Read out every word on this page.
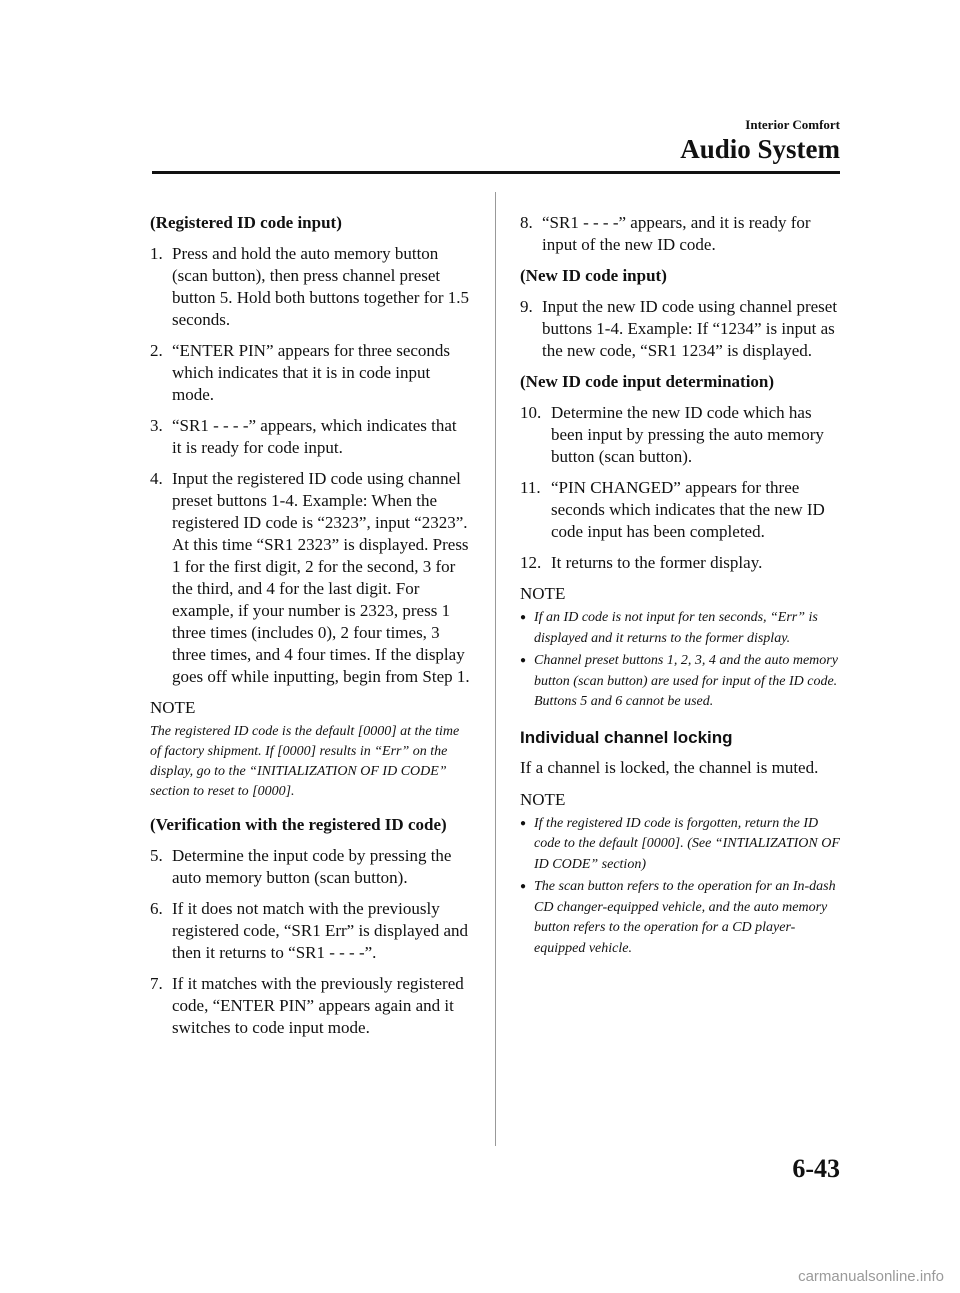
Interior Comfort
Audio System
(Registered ID code input)
1. Press and hold the auto memory button (scan button), then press channel preset button 5. Hold both buttons together for 1.5 seconds.
2. “ENTER PIN” appears for three seconds which indicates that it is in code input mode.
3. “SR1 - - - -” appears, which indicates that it is ready for code input.
4. Input the registered ID code using channel preset buttons 1-4. Example: When the registered ID code is “2323”, input “2323”. At this time “SR1 2323” is displayed. Press 1 for the first digit, 2 for the second, 3 for the third, and 4 for the last digit. For example, if your number is 2323, press 1 three times (includes 0), 2 four times, 3 three times, and 4 four times. If the display goes off while inputting, begin from Step 1.
NOTE
The registered ID code is the default [0000] at the time of factory shipment. If [0000] results in “Err” on the display, go to the “INITIALIZATION OF ID CODE” section to reset to [0000].
(Verification with the registered ID code)
5. Determine the input code by pressing the auto memory button (scan button).
6. If it does not match with the previously registered code, “SR1 Err” is displayed and then it returns to “SR1 - - - -”.
7. If it matches with the previously registered code, “ENTER PIN” appears again and it switches to code input mode.
8. “SR1 - - - -” appears, and it is ready for input of the new ID code.
(New ID code input)
9. Input the new ID code using channel preset buttons 1-4. Example: If “1234” is input as the new code, “SR1 1234” is displayed.
(New ID code input determination)
10. Determine the new ID code which has been input by pressing the auto memory button (scan button).
11. “PIN CHANGED” appears for three seconds which indicates that the new ID code input has been completed.
12. It returns to the former display.
NOTE
● If an ID code is not input for ten seconds, “Err” is displayed and it returns to the former display.
● Channel preset buttons 1, 2, 3, 4 and the auto memory button (scan button) are used for input of the ID code. Buttons 5 and 6 cannot be used.
Individual channel locking
If a channel is locked, the channel is muted.
NOTE
● If the registered ID code is forgotten, return the ID code to the default [0000]. (See “INTIALIZATION OF ID CODE” section)
● The scan button refers to the operation for an In-dash CD changer-equipped vehicle, and the auto memory button refers to the operation for a CD player-equipped vehicle.
6-43
carmanualsonline.info
